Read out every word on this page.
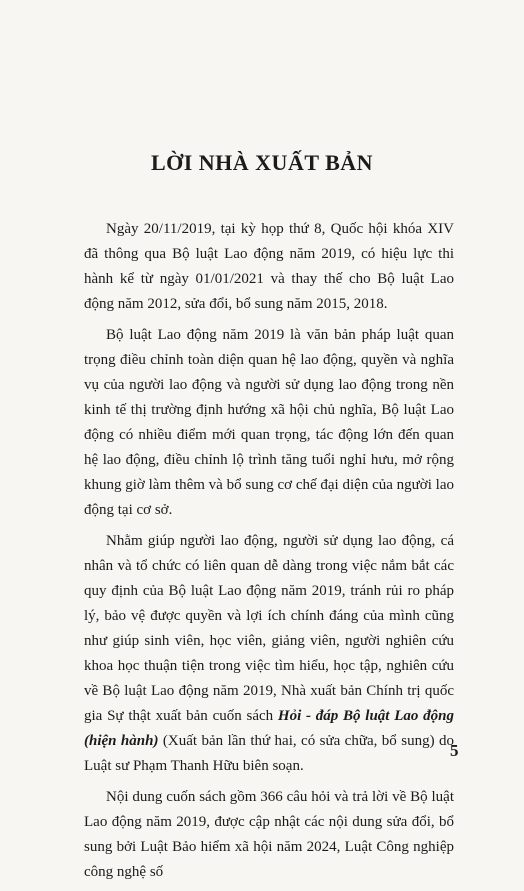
LỜI NHÀ XUẤT BẢN

Ngày 20/11/2019, tại kỳ họp thứ 8, Quốc hội khóa XIV đã thông qua Bộ luật Lao động năm 2019, có hiệu lực thi hành kể từ ngày 01/01/2021 và thay thế cho Bộ luật Lao động năm 2012, sửa đổi, bổ sung năm 2015, 2018.

Bộ luật Lao động năm 2019 là văn bản pháp luật quan trọng điều chỉnh toàn diện quan hệ lao động, quyền và nghĩa vụ của người lao động và người sử dụng lao động trong nền kinh tế thị trường định hướng xã hội chủ nghĩa, Bộ luật Lao động có nhiều điểm mới quan trọng, tác động lớn đến quan hệ lao động, điều chỉnh lộ trình tăng tuổi nghỉ hưu, mở rộng khung giờ làm thêm và bổ sung cơ chế đại diện của người lao động tại cơ sở.

Nhằm giúp người lao động, người sử dụng lao động, cá nhân và tổ chức có liên quan dễ dàng trong việc nắm bắt các quy định của Bộ luật Lao động năm 2019, tránh rủi ro pháp lý, bảo vệ được quyền và lợi ích chính đáng của mình cũng như giúp sinh viên, học viên, giảng viên, người nghiên cứu khoa học thuận tiện trong việc tìm hiểu, học tập, nghiên cứu về Bộ luật Lao động năm 2019, Nhà xuất bản Chính trị quốc gia Sự thật xuất bản cuốn sách Hỏi - đáp Bộ luật Lao động (hiện hành) (Xuất bản lần thứ hai, có sửa chữa, bổ sung) do Luật sư Phạm Thanh Hữu biên soạn.

Nội dung cuốn sách gồm 366 câu hỏi và trả lời về Bộ luật Lao động năm 2019, được cập nhật các nội dung sửa đổi, bổ sung bởi Luật Bảo hiểm xã hội năm 2024, Luật Công nghiệp công nghệ số

5
